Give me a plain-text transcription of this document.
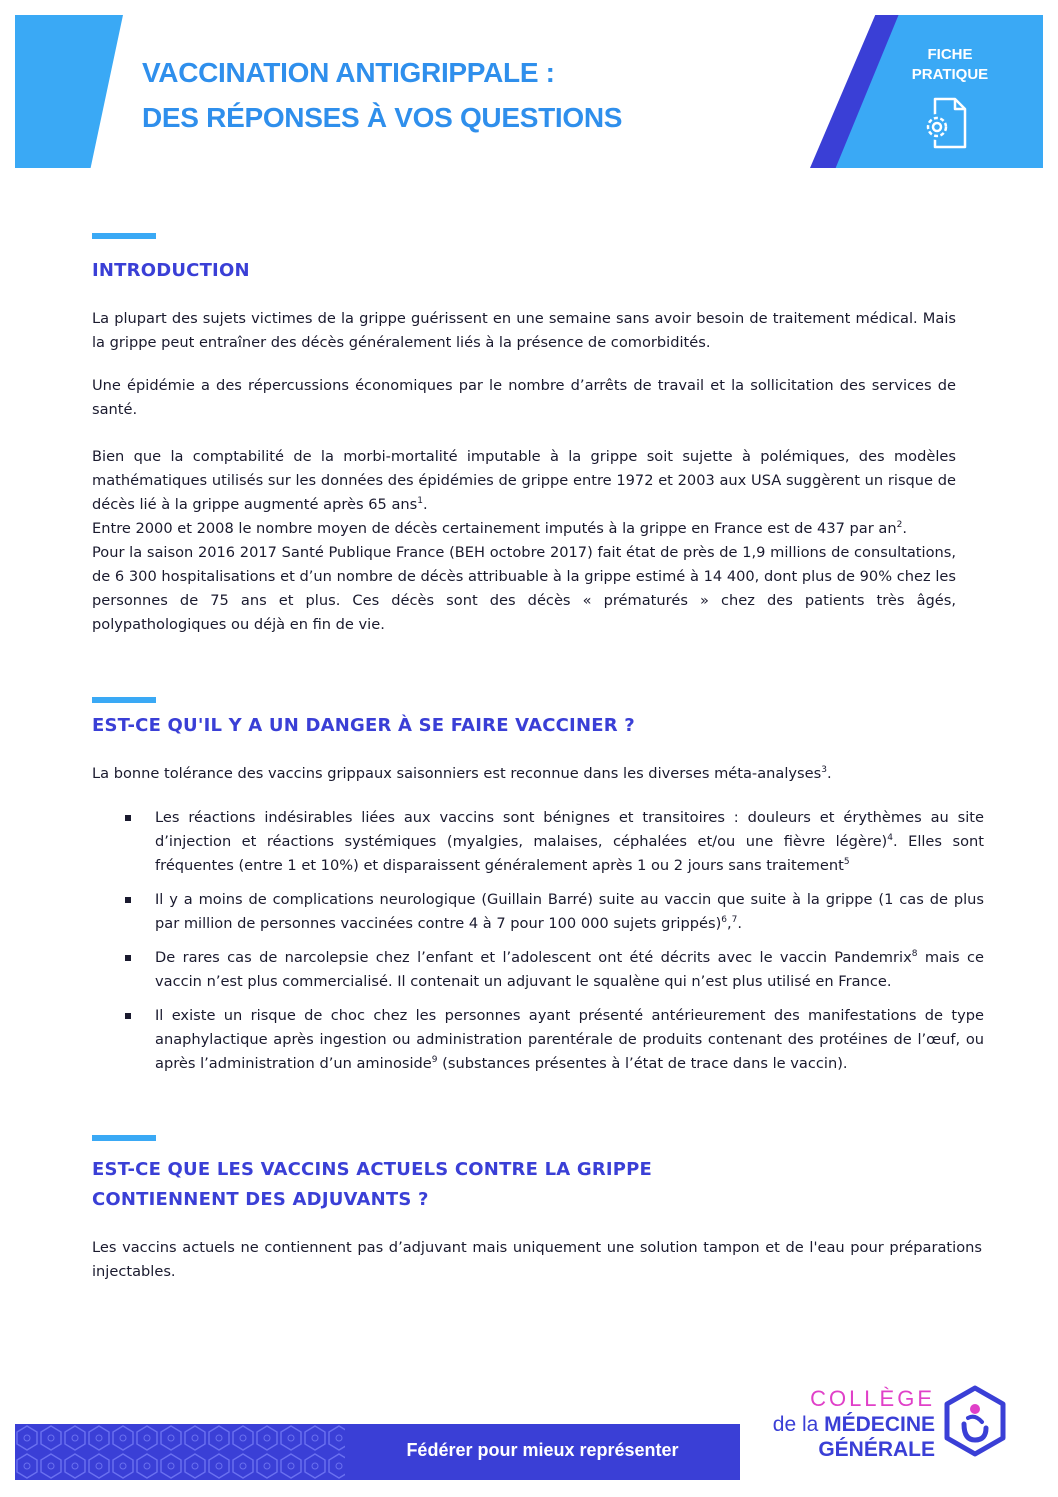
VACCINATION ANTIGRIPPALE :
DES RÉPONSES À VOS QUESTIONS
FICHE
PRATIQUE
INTRODUCTION

La plupart des sujets victimes de la grippe guérissent en une semaine sans avoir besoin de traitement médical. Mais la grippe peut entraîner des décès généralement liés à la présence de comorbidités.

Une épidémie a des répercussions économiques par le nombre d’arrêts de travail et la sollicitation des services de santé.

Bien que la comptabilité de la morbi-mortalité imputable à la grippe soit sujette à polémiques, des modèles mathématiques utilisés sur les données des épidémies de grippe entre 1972 et 2003 aux USA suggèrent un risque de décès lié à la grippe augmenté après 65 ans$^1$.

Entre 2000 et 2008 le nombre moyen de décès certainement imputés à la grippe en France est de 437 par $an^2$.

Pour la saison 2016 2017 Santé Publique France (BEH octobre 2017) fait état de près de 1,9 millions de consultations, de 6 300 hospitalisations et d’un nombre de décès attribuable à la grippe estimé à 14 400, dont plus de 90% chez les personnes de 75 ans et plus. Ces décès sont des décès « prématurés » chez des patients très âgés, polypathologiques ou déjà en fin de vie.

EST-CE QU'IL Y A UN DANGER À SE FAIRE VACCINER ?

La bonne tolérance des vaccins grippaux saisonniers est reconnue dans les diverses méta-analyses$^3$.

Les réactions indésirables liées aux vaccins sont bénignes et transitoires : douleurs et érythèmes au site d’injection et réactions systémiques (myalgies, malaises, céphalées et/ou une fièvre légère)$^4$. Elles sont fréquentes (entre 1 et 10%) et disparaissent généralement après 1 ou 2 jours sans traitement$^5$
Il y a moins de complications neurologique (Guillain Barré) suite au vaccin que suite à la grippe (1 cas de plus par million de personnes vaccinées contre 4 à 7 pour 100 000 sujets grippés)$^6$,$^7$.
De rares cas de narcolepsie chez l’enfant et l’adolescent ont été décrits avec le vaccin Pandemrix$^8$ mais ce vaccin n’est plus commercialisé. Il contenait un adjuvant le squalène qui n’est plus utilisé en France.
Il existe un risque de choc chez les personnes ayant présenté antérieurement des manifestations de type anaphylactique après ingestion ou administration parentérale de produits contenant des protéines de l’œuf, ou après l’administration d’un aminoside$^9$ (substances présentes à l’état de trace dans le vaccin).
EST-CE QUE LES VACCINS ACTUELS CONTRE LA GRIPPE
CONTIENNENT DES ADJUVANTS ?

Les vaccins actuels ne contiennent pas d’adjuvant mais uniquement une solution tampon et de l'eau pour préparations injectables.

Fédérer pour mieux représenter
COLLÈGE
de la MÉDECINE
GÉNÉRALE
